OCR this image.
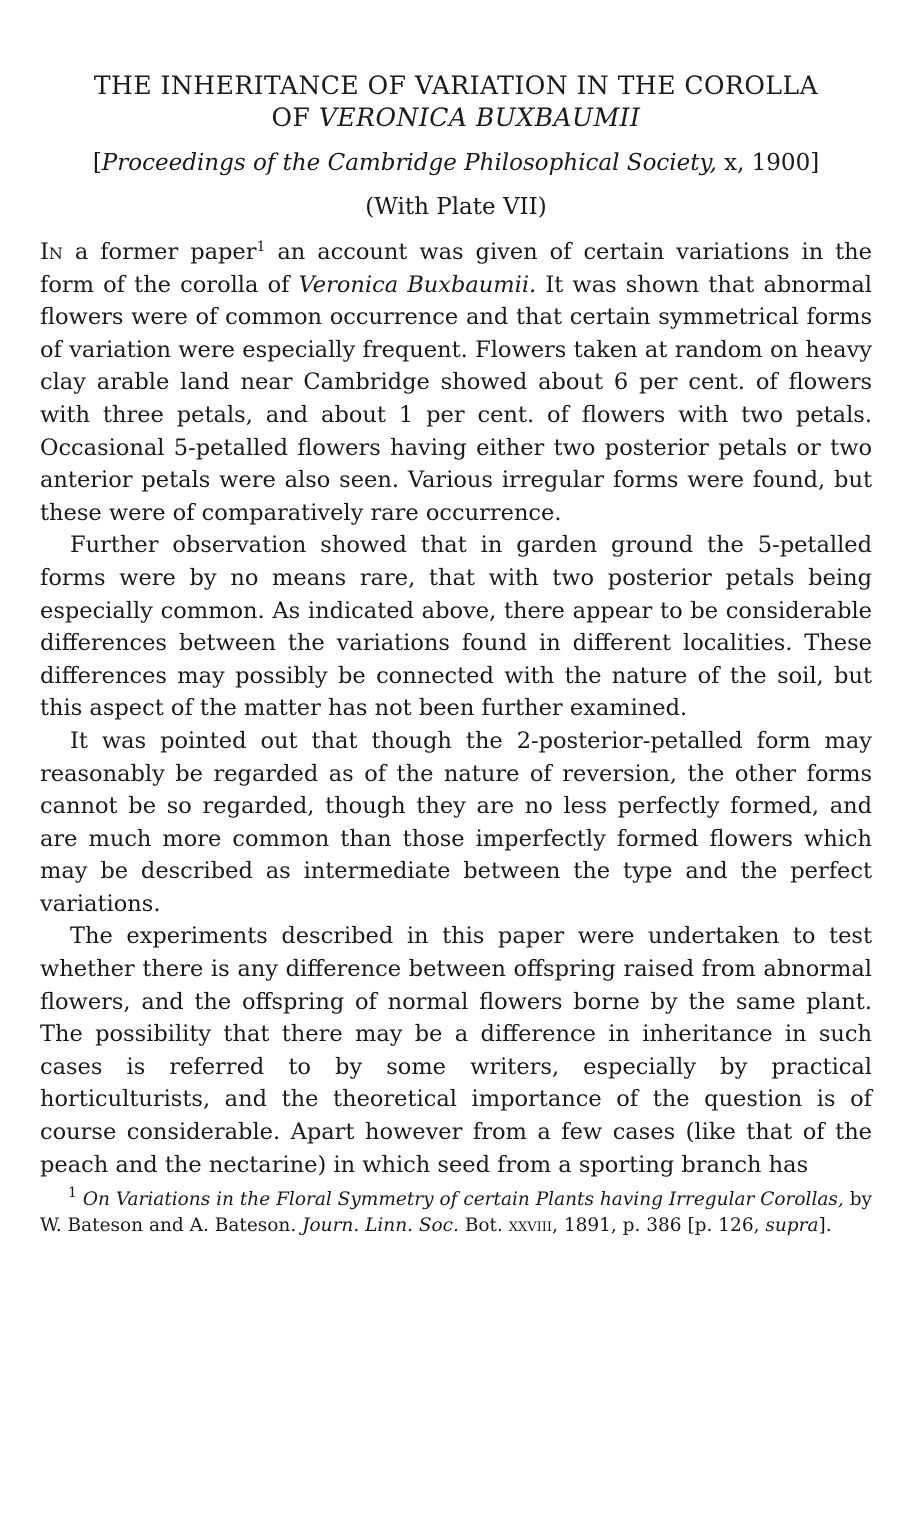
THE INHERITANCE OF VARIATION IN THE COROLLA
OF VERONICA BUXBAUMII
[Proceedings of the Cambridge Philosophical Society, x, 1900]
(With Plate VII)

In a former paper$^1$ an account was given of certain variations in the form of the corolla of Veronica Buxbaumii. It was shown that abnormal flowers were of common occurrence and that certain symmetrical forms of variation were especially frequent. Flowers taken at random on heavy clay arable land near Cambridge showed about 6 per cent. of flowers with three petals, and about 1 per cent. of flowers with two petals. Occasional 5-petalled flowers having either two posterior petals or two anterior petals were also seen. Various irregular forms were found, but these were of comparatively rare occurrence.

Further observation showed that in garden ground the 5-petalled forms were by no means rare, that with two posterior petals being especially common. As indicated above, there appear to be considerable differences between the variations found in different localities. These differences may possibly be connected with the nature of the soil, but this aspect of the matter has not been further examined.

It was pointed out that though the 2-posterior-petalled form may reasonably be regarded as of the nature of reversion, the other forms cannot be so regarded, though they are no less perfectly formed, and are much more common than those imperfectly formed flowers which may be described as intermediate between the type and the perfect variations.

The experiments described in this paper were undertaken to test whether there is any difference between offspring raised from abnormal flowers, and the offspring of normal flowers borne by the same plant. The possibility that there may be a difference in inheritance in such cases is referred to by some writers, especially by practical horticulturists, and the theoretical importance of the question is of course considerable. Apart however from a few cases (like that of the peach and the nectarine) in which seed from a sporting branch has

$^1$ On Variations in the Floral Symmetry of certain Plants having Irregular Corollas, by W. Bateson and A. Bateson. Journ. Linn. Soc. Bot. xxviii, 1891, p. 386 [p. 126, supra].
